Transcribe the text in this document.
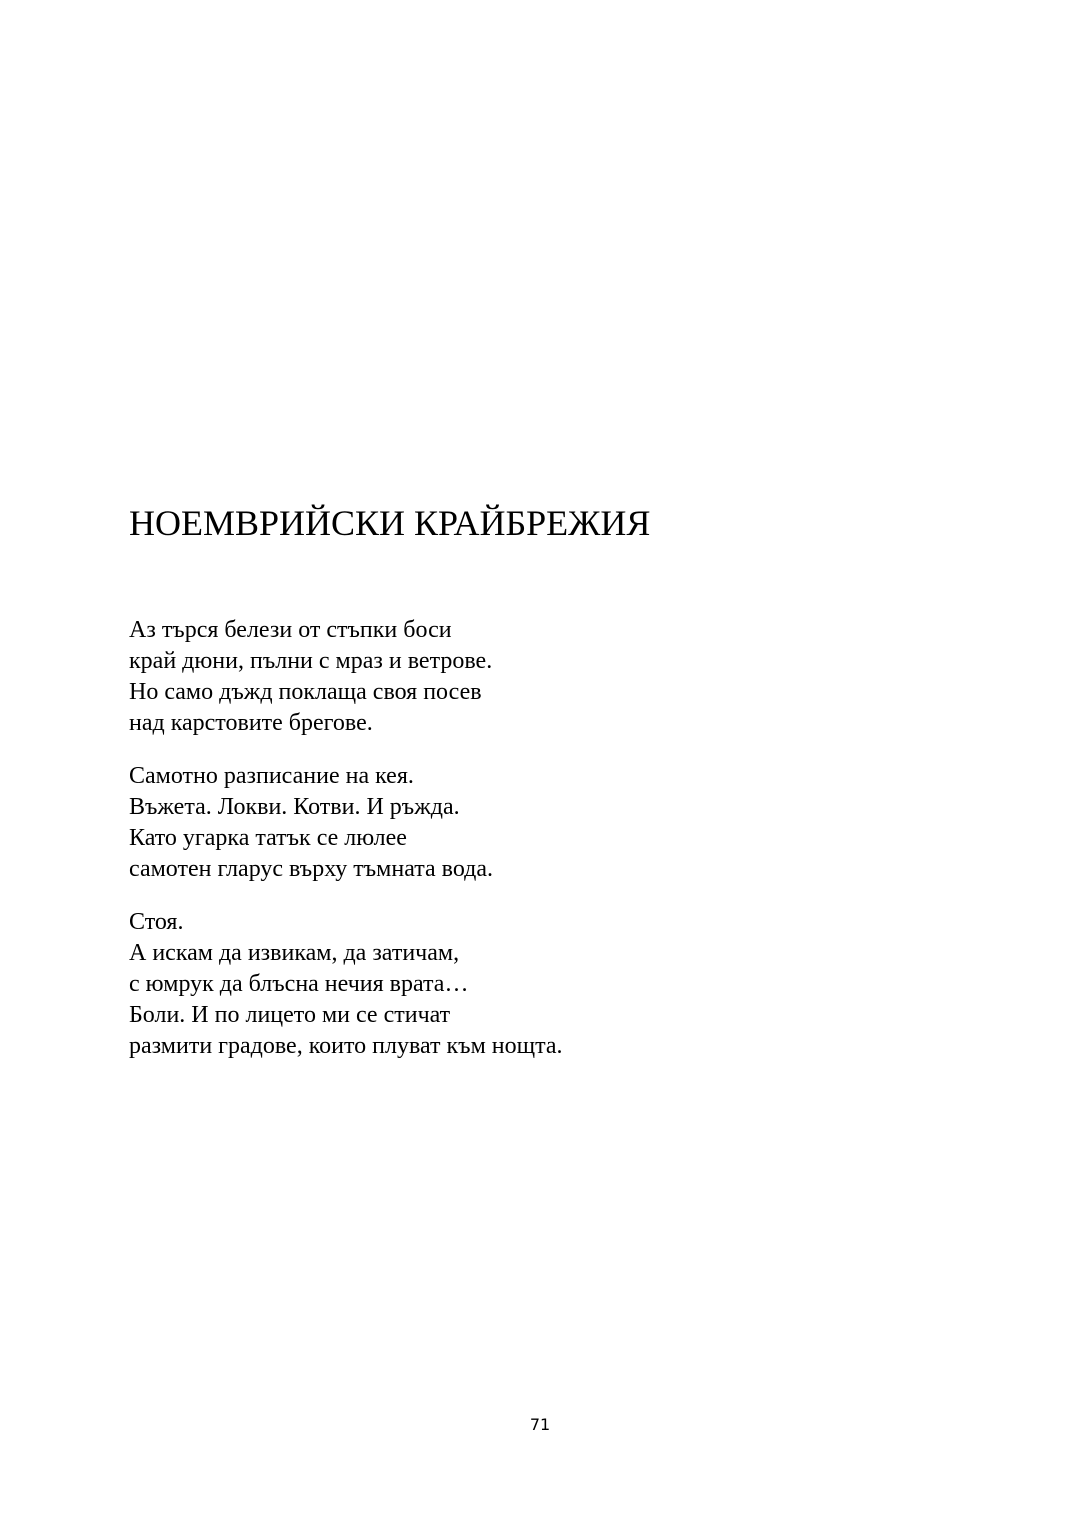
НОЕМВРИЙСКИ КРАЙБРЕЖИЯ

Аз търся белези от стъпки боси
край дюни, пълни с мраз и ветрове.
Но само дъжд поклаща своя посев
над карстовите брегове.

Самотно разписание на кея.
Въжета. Локви. Котви. И ръжда.
Като угарка татък се люлее
самотен гларус върху тъмната вода.

Стоя.
А искам да извикам, да затичам,
с юмрук да блъсна нечия врата…
Боли. И по лицето ми се стичат
размити градове, които плуват към нощта.

71
